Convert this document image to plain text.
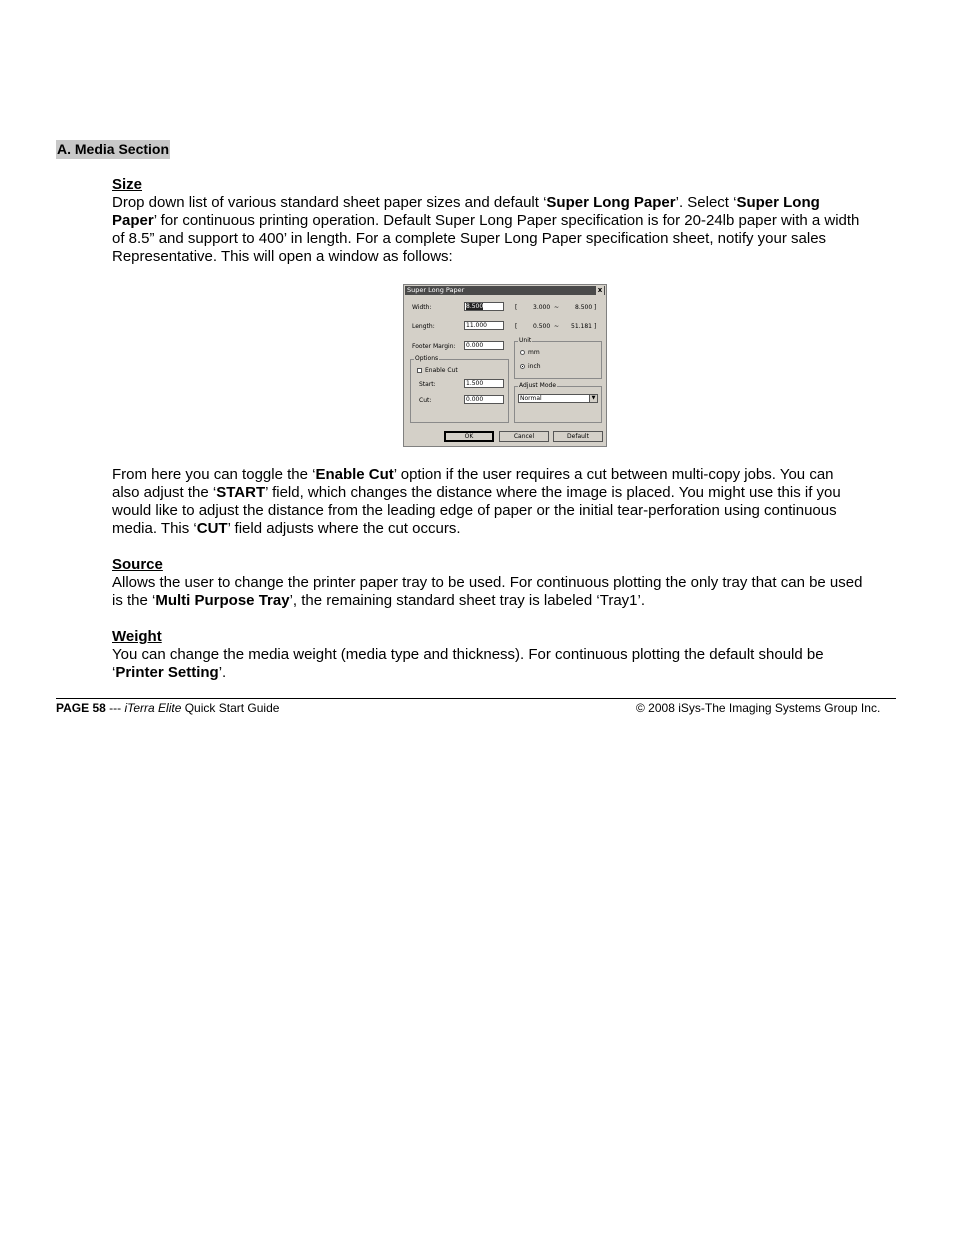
A. Media Section
Size
Drop down list of various standard sheet paper sizes and default ‘Super Long Paper’. Select ‘Super Long
Paper’ for continuous printing operation. Default Super Long Paper specification is for 20-24lb paper with a width
of 8.5” and support to 400’ in length. For a complete Super Long Paper specification sheet, notify your sales
Representative. This will open a window as follows:
Super Long Paper	x
Width:	8.500	[	3.000 ~	8.500 ]
Length:	11.000	[	0.500 ~ 51.181 ]
Footer Margin:	0.000
Options
Enable Cut
Start:	1.500
Cut:	0.000
Unit
mm
inch
Adjust Mode
Normal	▼
OK	Cancel	Default
From here you can toggle the ‘Enable Cut’ option if the user requires a cut between multi-copy jobs. You can
also adjust the ‘START’ field, which changes the distance where the image is placed. You might use this if you
would like to adjust the distance from the leading edge of paper or the initial tear-perforation using continuous
media. This ‘CUT’ field adjusts where the cut occurs.
Source
Allows the user to change the printer paper tray to be used. For continuous plotting the only tray that can be used
is the ‘Multi Purpose Tray’, the remaining standard sheet tray is labeled ‘Tray1’.
Weight
You can change the media weight (media type and thickness). For continuous plotting the default should be
‘Printer Setting’.
PAGE 58 --- iTerra Elite Quick Start Guide	© 2008 iSys-The Imaging Systems Group Inc.
